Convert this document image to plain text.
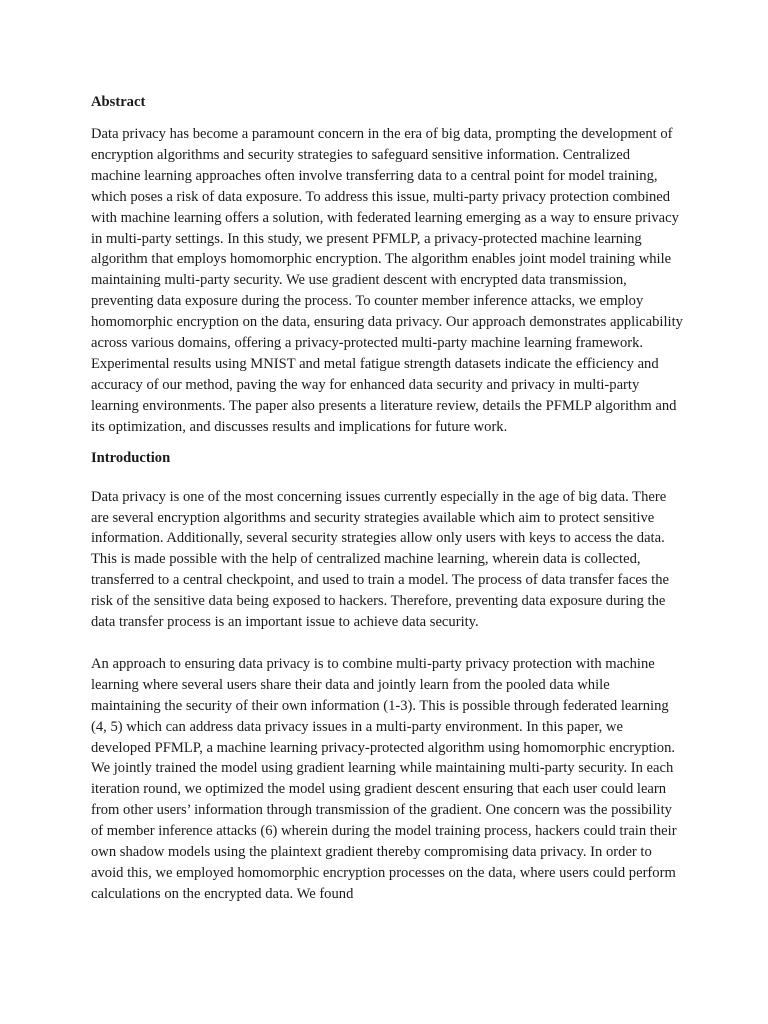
Abstract

Data privacy has become a paramount concern in the era of big data, prompting the development of encryption algorithms and security strategies to safeguard sensitive information. Centralized machine learning approaches often involve transferring data to a central point for model training, which poses a risk of data exposure. To address this issue, multi-party privacy protection combined with machine learning offers a solution, with federated learning emerging as a way to ensure privacy in multi-party settings. In this study, we present PFMLP, a privacy-protected machine learning algorithm that employs homomorphic encryption. The algorithm enables joint model training while maintaining multi-party security. We use gradient descent with encrypted data transmission, preventing data exposure during the process. To counter member inference attacks, we employ homomorphic encryption on the data, ensuring data privacy. Our approach demonstrates applicability across various domains, offering a privacy-protected multi-party machine learning framework. Experimental results using MNIST and metal fatigue strength datasets indicate the efficiency and accuracy of our method, paving the way for enhanced data security and privacy in multi-party learning environments. The paper also presents a literature review, details the PFMLP algorithm and its optimization, and discusses results and implications for future work.

Introduction

Data privacy is one of the most concerning issues currently especially in the age of big data. There are several encryption algorithms and security strategies available which aim to protect sensitive information. Additionally, several security strategies allow only users with keys to access the data. This is made possible with the help of centralized machine learning, wherein data is collected, transferred to a central checkpoint, and used to train a model. The process of data transfer faces the risk of the sensitive data being exposed to hackers. Therefore, preventing data exposure during the data transfer process is an important issue to achieve data security.

An approach to ensuring data privacy is to combine multi-party privacy protection with machine learning where several users share their data and jointly learn from the pooled data while maintaining the security of their own information (1-3). This is possible through federated learning (4, 5) which can address data privacy issues in a multi-party environment. In this paper, we developed PFMLP, a machine learning privacy-protected algorithm using homomorphic encryption. We jointly trained the model using gradient learning while maintaining multi-party security. In each iteration round, we optimized the model using gradient descent ensuring that each user could learn from other users’ information through transmission of the gradient. One concern was the possibility of member inference attacks (6) wherein during the model training process, hackers could train their own shadow models using the plaintext gradient thereby compromising data privacy. In order to avoid this, we employed homomorphic encryption processes on the data, where users could perform calculations on the encrypted data. We found
